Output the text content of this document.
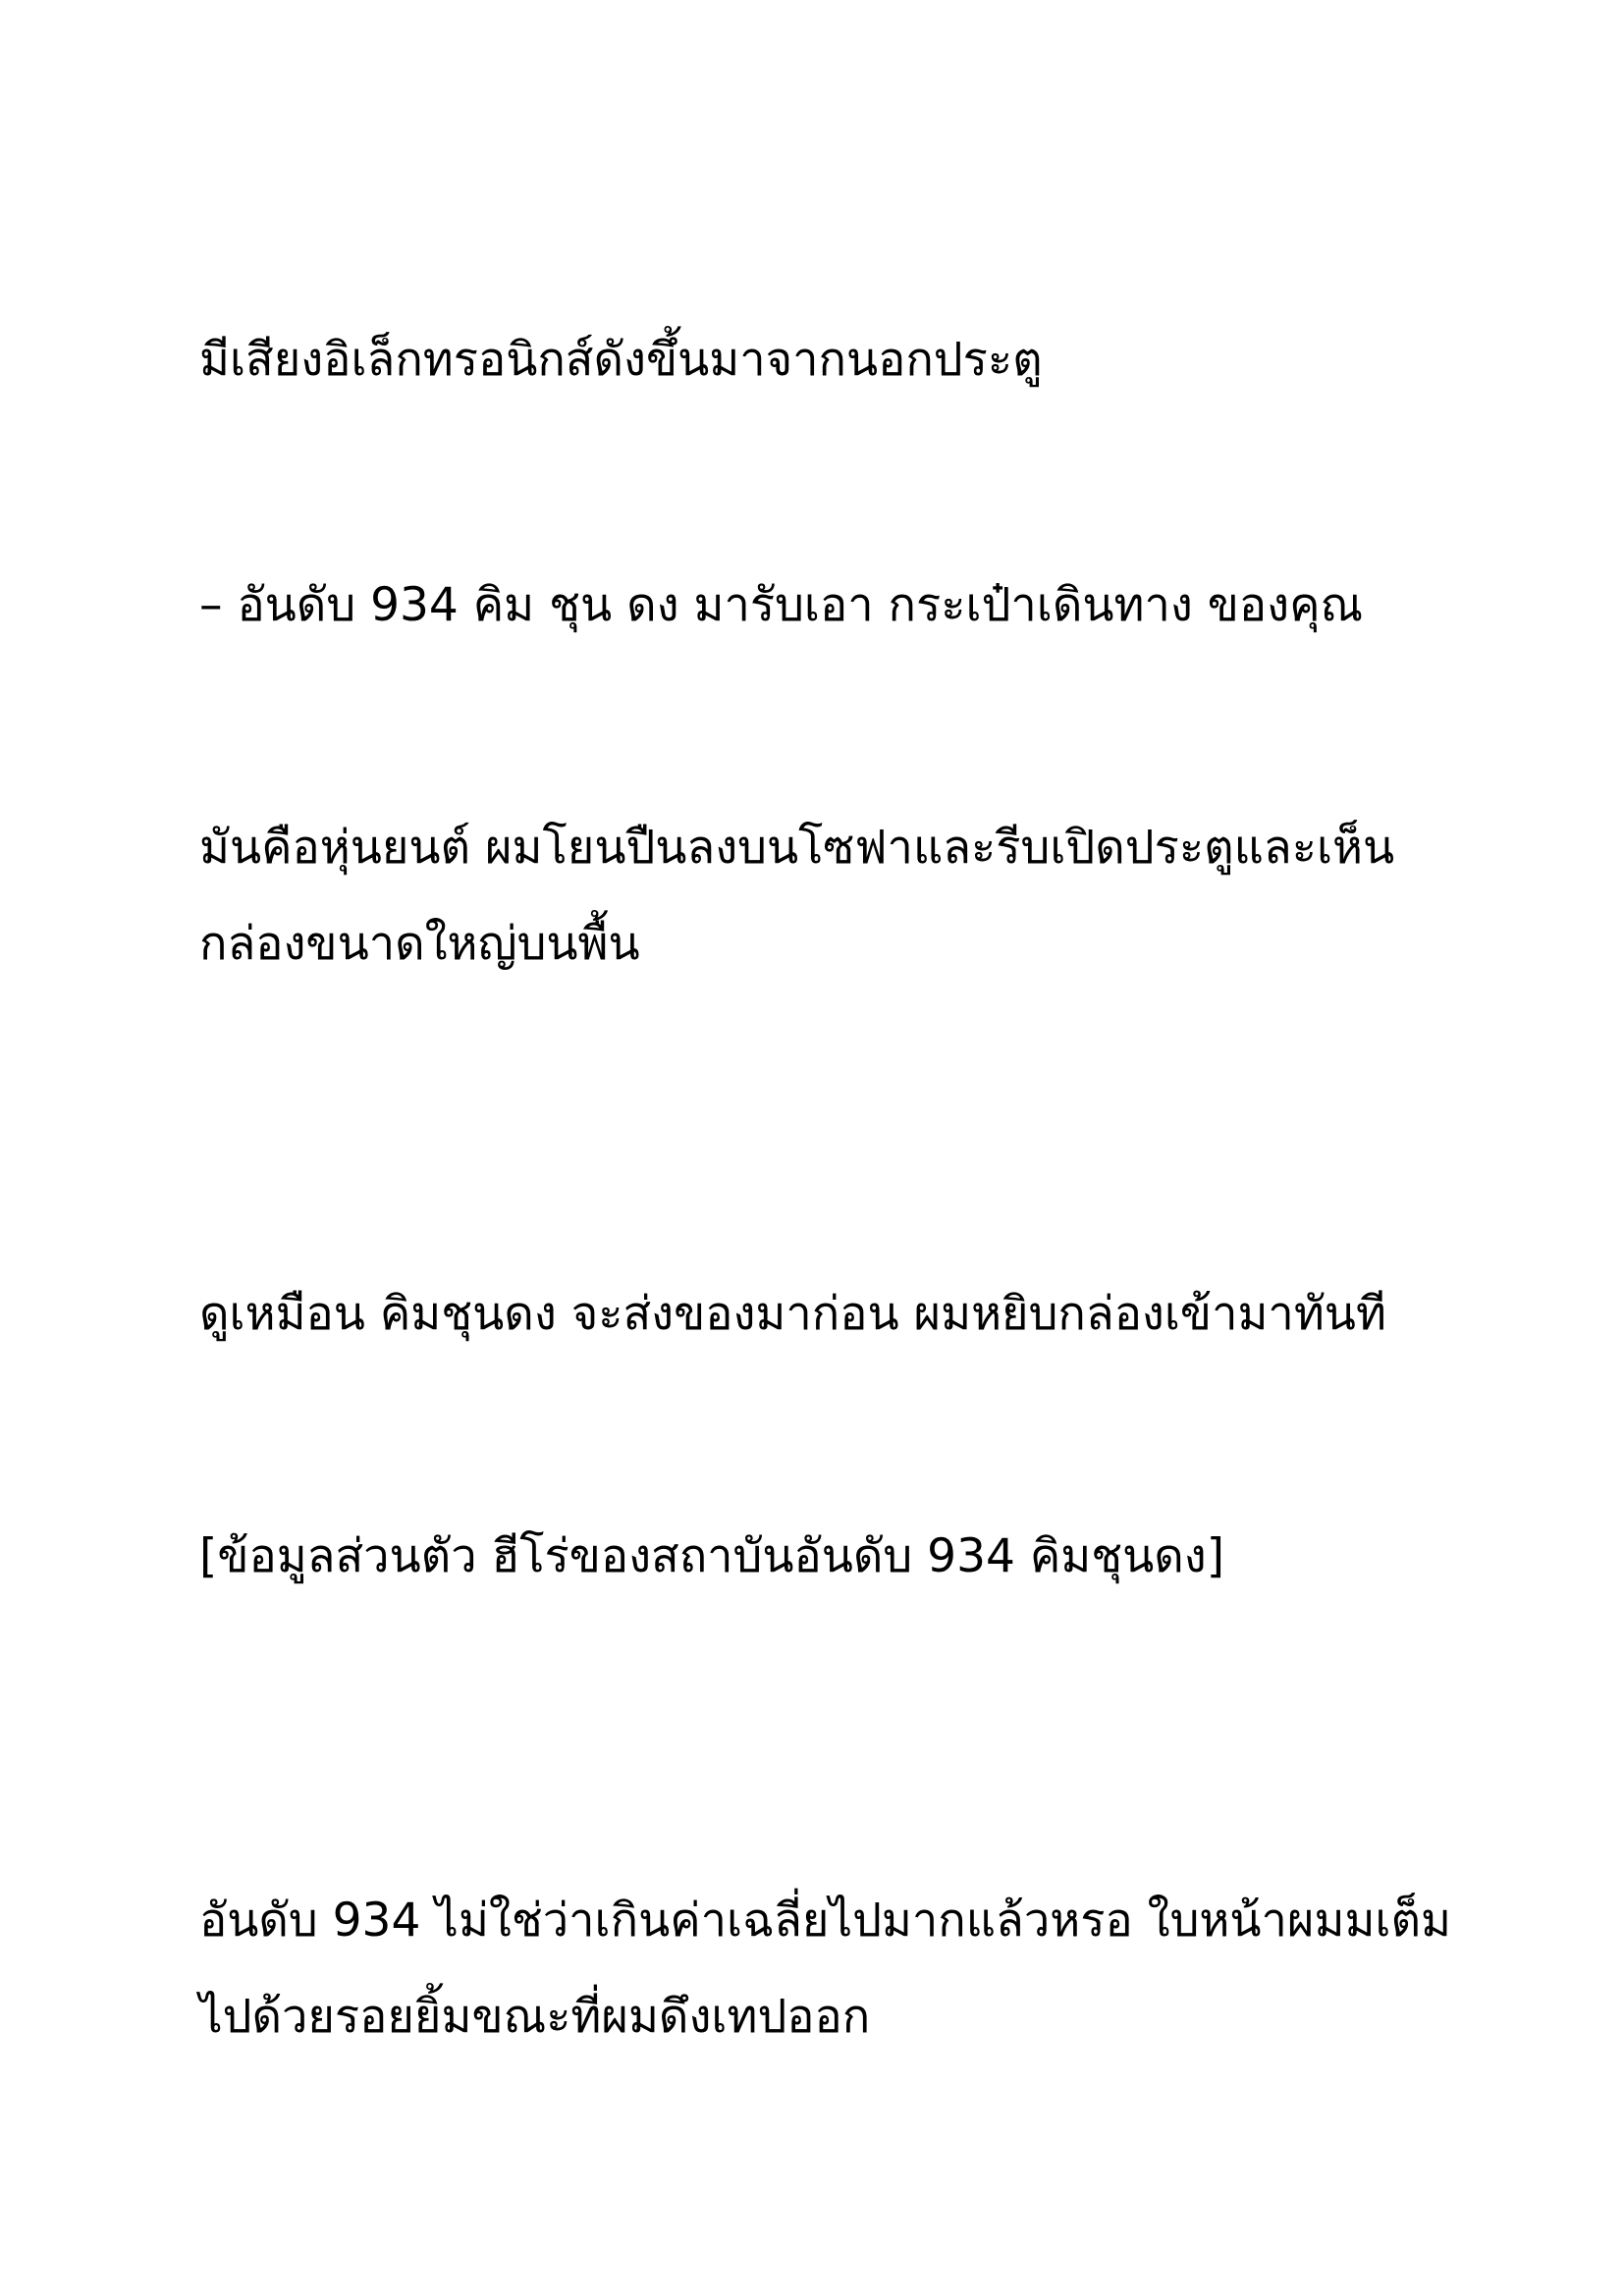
มีเสียงอิเล็กทรอนิกส์ดังขึ้นมาจากนอกประตู

– อันดับ 934 คิม ชุน ดง มารับเอา กระเป๋าเดินทาง ของคุณ

มันคือหุ่นยนต์ ผมโยนปืนลงบนโซฟาและรีบเปิดประตูและเห็น
กล่องขนาดใหญ่บนพื้น

ดูเหมือน คิมชุนดง จะส่งของมาก่อน ผมหยิบกล่องเข้ามาทันที

[ข้อมูลส่วนตัว ฮีโร่ของสถาบันอันดับ 934 คิมชุนดง]

อันดับ 934 ไม่ใช่ว่าเกินค่าเฉลี่ยไปมากแล้วหรอ ใบหน้าผมมเต็ม
ไปด้วยรอยยิ้มขณะที่ผมดึงเทปออก
